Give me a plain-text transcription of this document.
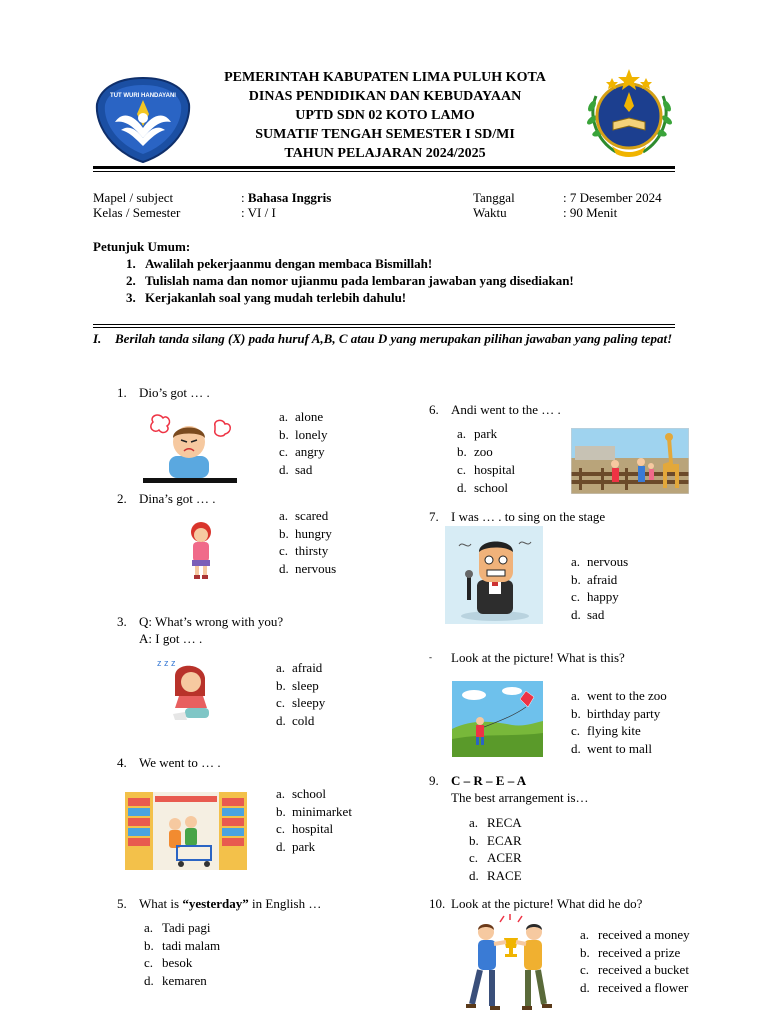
TUT WURI HANDAYANI
PEMERINTAH KABUPATEN LIMA PULUH KOTA
DINAS PENDIDIKAN DAN KEBUDAYAAN
UPTD SDN 02 KOTO LAMO
SUMATIF TENGAH SEMESTER I SD/MI
TAHUN PELAJARAN 2024/2025
Mapel / subject	: Bahasa Inggris
Kelas / Semester	: VI / I
Tanggal	: 7 Desember 2024
Waktu	: 90 Menit
Petunjuk Umum:
1. Awalilah pekerjaanmu dengan membaca Bismillah!
2. Tulislah nama dan nomor ujianmu pada lembaran jawaban yang disediakan!
3. Kerjakanlah soal yang mudah terlebih dahulu!
I. Berilah tanda silang (X) pada huruf A,B, C atau D yang merupakan pilihan jawaban yang paling tepat!
1. Dio’s got … .
a. alone
b. lonely
c. angry
d. sad
2. Dina’s got … .
a. scared
b. hungry
c. thirsty
d. nervous
3. Q: What’s wrong with you?
A: I got … .
z z z	a. afraid
b. sleep
c. sleepy
d. cold
4. We went to … .
a. school
b. minimarket
c. hospital
d. park
5. What is “yesterday” in English …
a. Tadi pagi
b. tadi malam
c. besok
d. kemaren
6. Andi went to the … .
a. park
b. zoo
c. hospital
d. school
7. I was … . to sing on the stage
a. nervous
b. afraid
c. happy
d. sad
- Look at the picture! What is this?
a. went to the zoo
b. birthday party
c. flying kite
d. went to mall
9. C – R – E – A
The best arrangement is…
a. RECA
b. ECAR
c. ACER
d. RACE
10. Look at the picture! What did he do?
a. received a money
b. received a prize
c. received a bucket
d. received a flower
